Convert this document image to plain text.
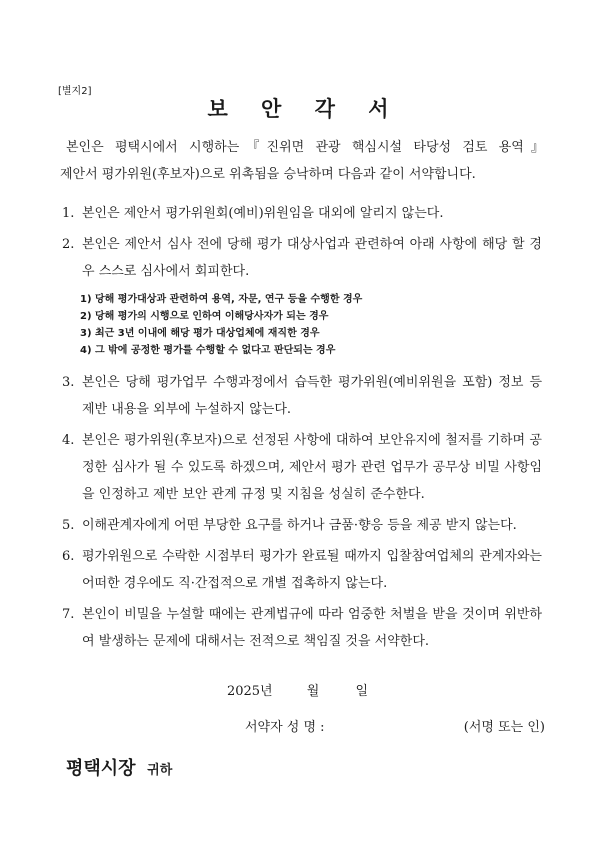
[별지2]
보 안 각 서
본인은 평택시에서 시행하는『진위면 관광 핵심시설 타당성 검토 용역』
제안서 평가위원(후보자)으로 위촉됨을 승낙하며 다음과 같이 서약합니다.
1. 본인은 제안서 평가위원회(예비)위원임을 대외에 알리지 않는다.
2. 본인은 제안서 심사 전에 당해 평가 대상사업과 관련하여 아래 사항에 해당 할 경우 스스로 심사에서 회피한다.
1) 당해 평가대상과 관련하여 용역, 자문, 연구 등을 수행한 경우
2) 당해 평가의 시행으로 인하여 이해당사자가 되는 경우
3) 최근 3년 이내에 해당 평가 대상업체에 재직한 경우
4) 그 밖에 공정한 평가를 수행할 수 없다고 판단되는 경우
3. 본인은 당해 평가업무 수행과정에서 습득한 평가위원(예비위원을 포함) 정보 등 제반 내용을 외부에 누설하지 않는다.
4. 본인은 평가위원(후보자)으로 선정된 사항에 대하여 보안유지에 철저를 기하며 공정한 심사가 될 수 있도록 하겠으며, 제안서 평가 관련 업무가 공무상 비밀 사항임을 인정하고 제반 보안 관계 규정 및 지침을 성실히 준수한다.
5. 이해관계자에게 어떤 부당한 요구를 하거나 금품·향응 등을 제공 받지 않는다.
6. 평가위원으로 수락한 시점부터 평가가 완료될 때까지 입찰참여업체의 관계자와는 어떠한 경우에도 직·간접적으로 개별 접촉하지 않는다.
7. 본인이 비밀을 누설할 때에는 관계법규에 따라 엄중한 처벌을 받을 것이며 위반하여 발생하는 문제에 대해서는 전적으로 책임질 것을 서약한다.
2025년	월	일
서약자 성 명 :	(서명 또는 인)
평택시장 귀하
